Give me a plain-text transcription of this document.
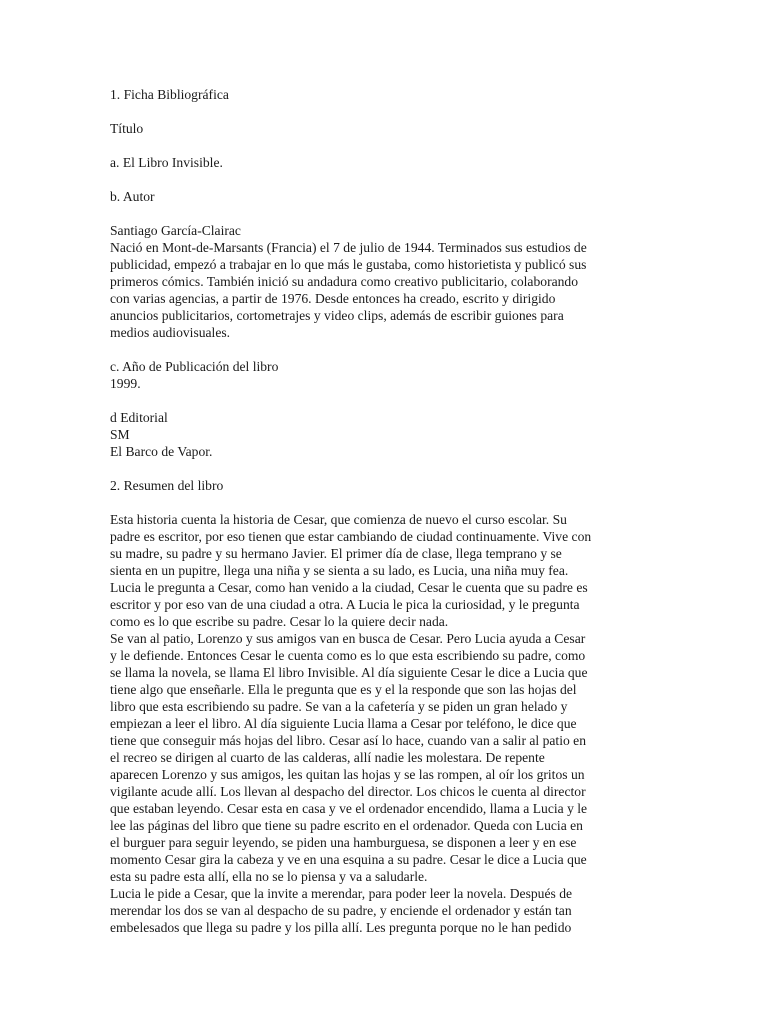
1. Ficha Bibliográfica
Título
a. El Libro Invisible.
b. Autor
Santiago García-Clairac
Nació en Mont-de-Marsants (Francia) el 7 de julio de 1944. Terminados sus estudios de
publicidad, empezó a trabajar en lo que más le gustaba, como historietista y publicó sus
primeros cómics. También inició su andadura como creativo publicitario, colaborando
con varias agencias, a partir de 1976. Desde entonces ha creado, escrito y dirigido
anuncios publicitarios, cortometrajes y video clips, además de escribir guiones para
medios audiovisuales.
c. Año de Publicación del libro
1999.
d Editorial
SM
El Barco de Vapor.
2. Resumen del libro
Esta historia cuenta la historia de Cesar, que comienza de nuevo el curso escolar. Su
padre es escritor, por eso tienen que estar cambiando de ciudad continuamente. Vive con
su madre, su padre y su hermano Javier. El primer día de clase, llega temprano y se
sienta en un pupitre, llega una niña y se sienta a su lado, es Lucia, una niña muy fea.
Lucia le pregunta a Cesar, como han venido a la ciudad, Cesar le cuenta que su padre es
escritor y por eso van de una ciudad a otra. A Lucia le pica la curiosidad, y le pregunta
como es lo que escribe su padre. Cesar lo la quiere decir nada.
Se van al patio, Lorenzo y sus amigos van en busca de Cesar. Pero Lucia ayuda a Cesar
y le defiende. Entonces Cesar le cuenta como es lo que esta escribiendo su padre, como
se llama la novela, se llama El libro Invisible. Al día siguiente Cesar le dice a Lucia que
tiene algo que enseñarle. Ella le pregunta que es y el la responde que son las hojas del
libro que esta escribiendo su padre. Se van a la cafetería y se piden un gran helado y
empiezan a leer el libro. Al día siguiente Lucia llama a Cesar por teléfono, le dice que
tiene que conseguir más hojas del libro. Cesar así lo hace, cuando van a salir al patio en
el recreo se dirigen al cuarto de las calderas, allí nadie les molestara. De repente
aparecen Lorenzo y sus amigos, les quitan las hojas y se las rompen, al oír los gritos un
vigilante acude allí. Los llevan al despacho del director. Los chicos le cuenta al director
que estaban leyendo. Cesar esta en casa y ve el ordenador encendido, llama a Lucia y le
lee las páginas del libro que tiene su padre escrito en el ordenador. Queda con Lucia en
el burguer para seguir leyendo, se piden una hamburguesa, se disponen a leer y en ese
momento Cesar gira la cabeza y ve en una esquina a su padre. Cesar le dice a Lucia que
esta su padre esta allí, ella no se lo piensa y va a saludarle.
Lucia le pide a Cesar, que la invite a merendar, para poder leer la novela. Después de
merendar los dos se van al despacho de su padre, y enciende el ordenador y están tan
embelesados que llega su padre y los pilla allí. Les pregunta porque no le han pedido
